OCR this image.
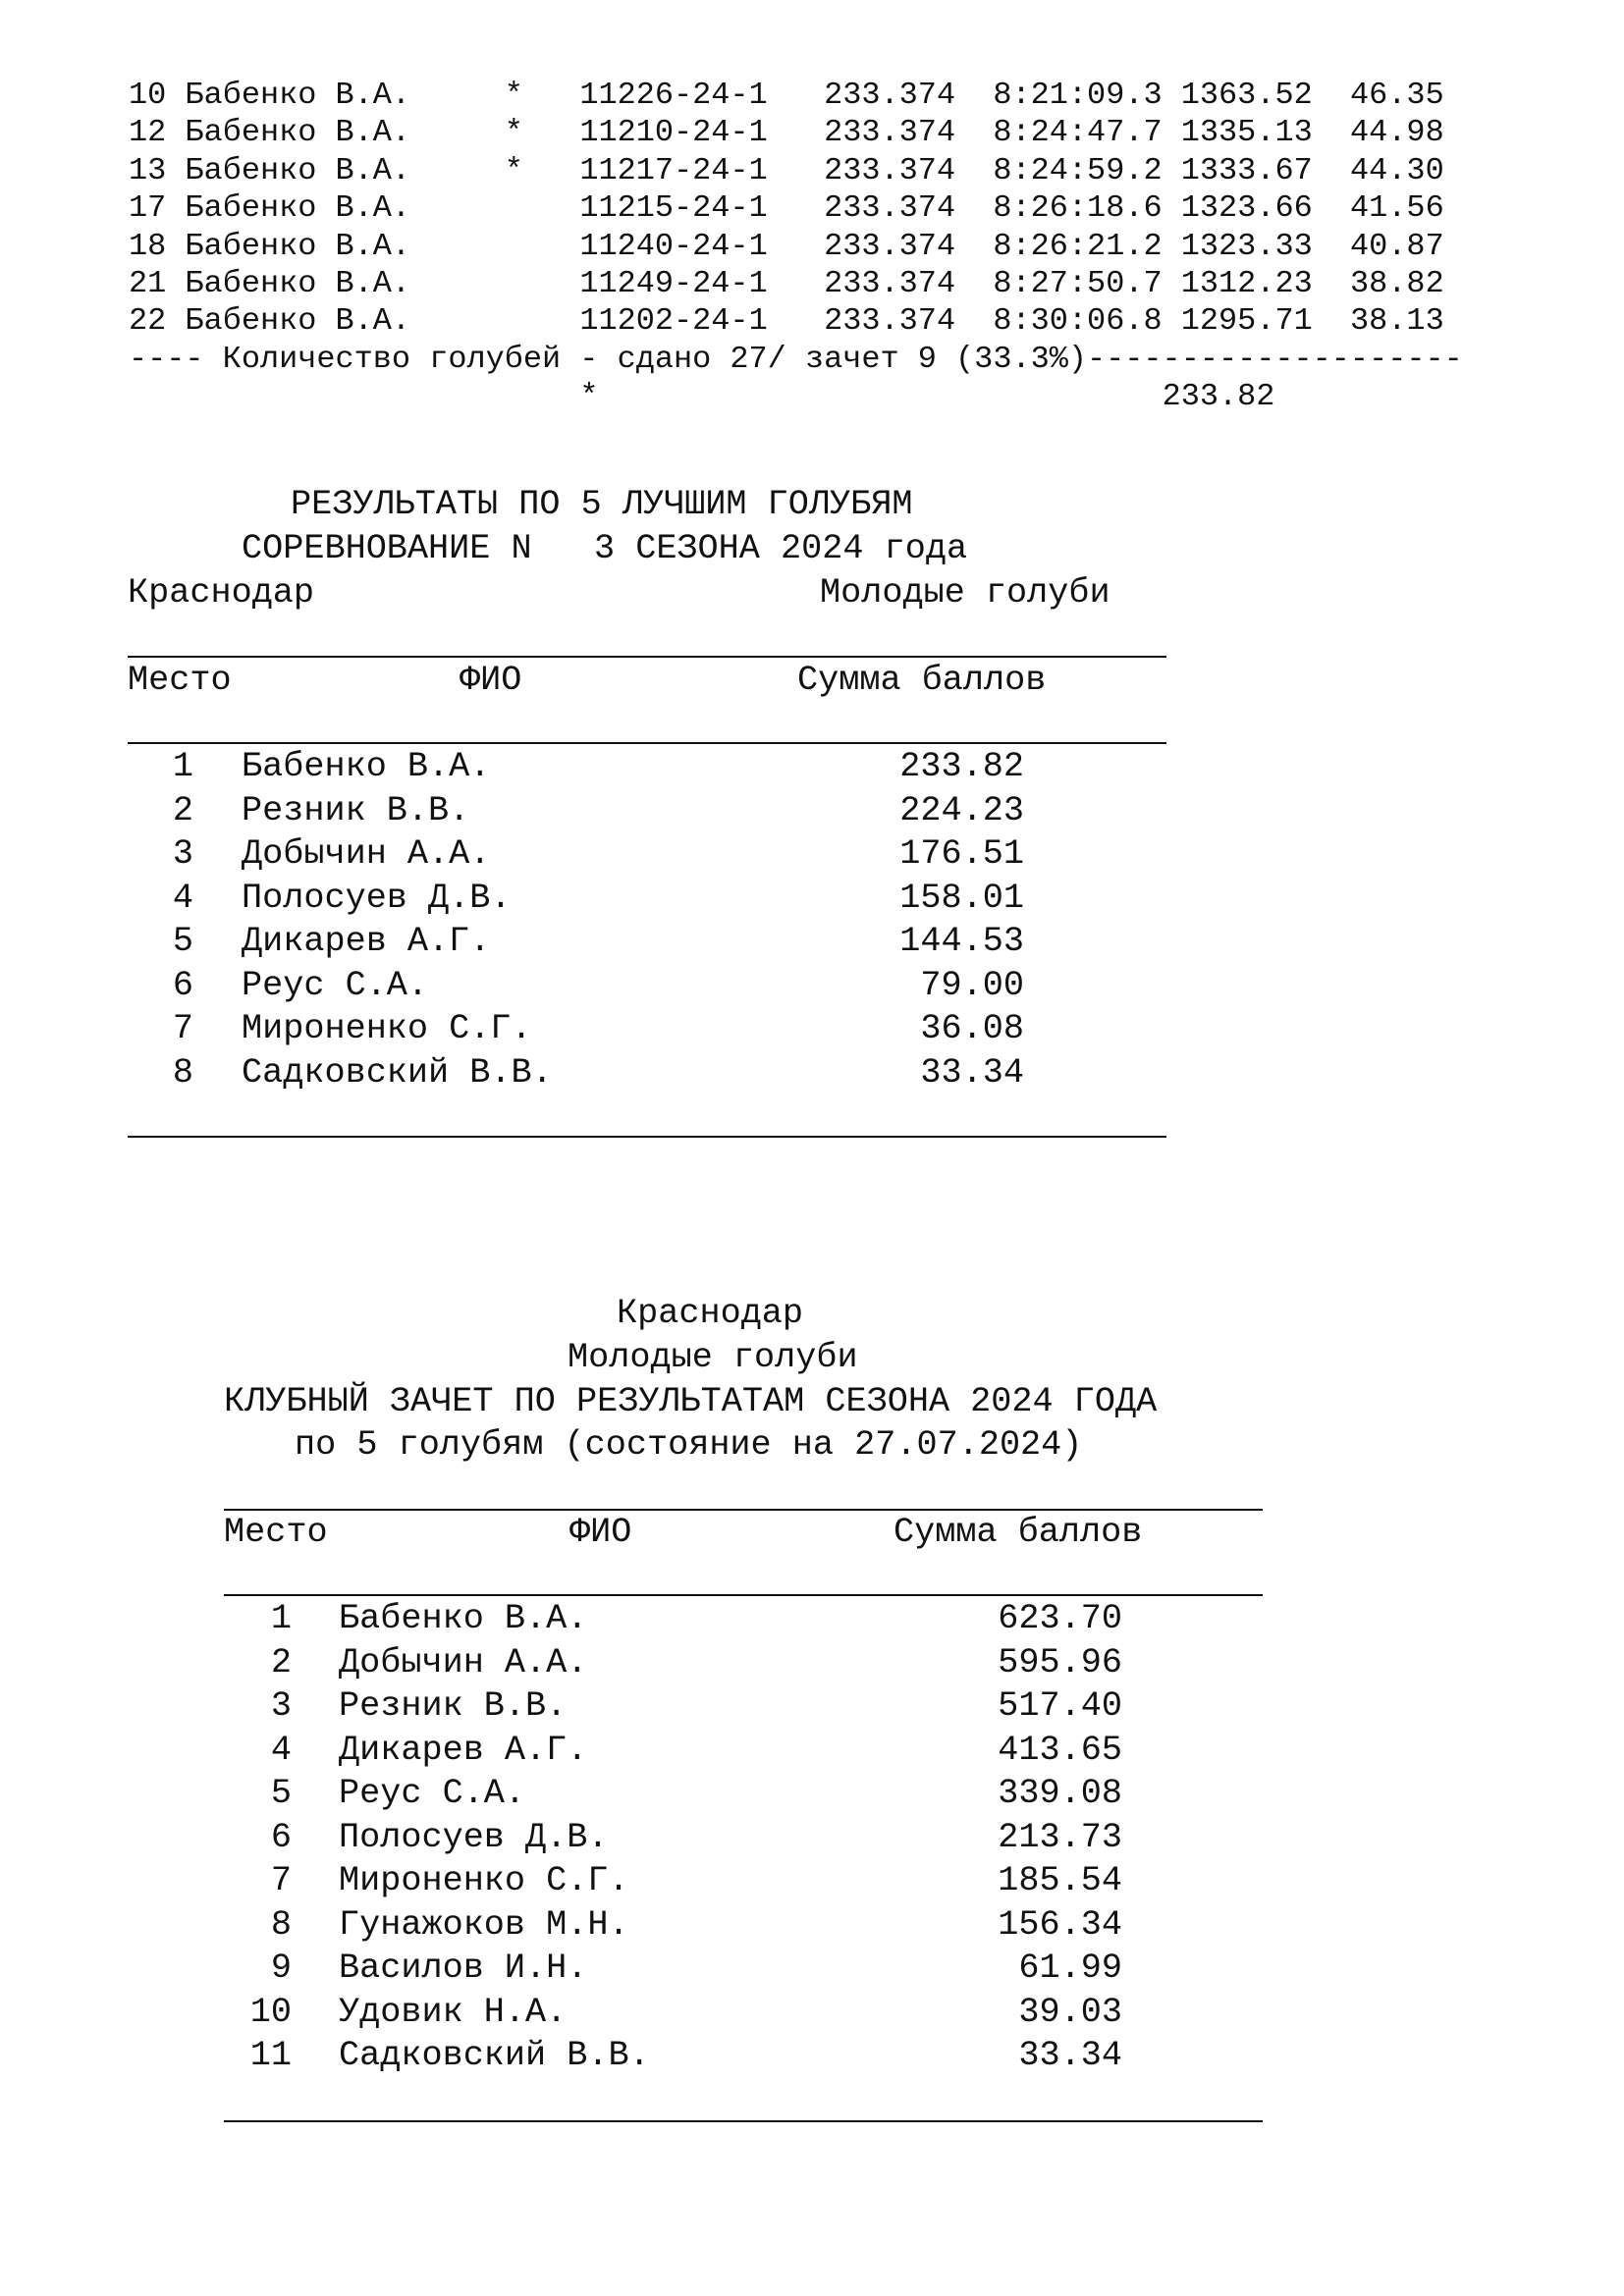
10 Бабенко В.А.	* 11226-24-1 233.374 8:21:09.3 1363.52 46.35
12 Бабенко В.А.	* 11210-24-1 233.374 8:24:47.7 1335.13 44.98
13 Бабенко В.А.	* 11217-24-1 233.374 8:24:59.2 1333.67 44.30
17 Бабенко В.А.	11215-24-1 233.374 8:26:18.6 1323.66 41.56
18 Бабенко В.А.	11240-24-1 233.374 8:26:21.2 1323.33 40.87
21 Бабенко В.А.	11249-24-1 233.374 8:27:50.7 1312.23 38.82
22 Бабенко В.А.	11202-24-1 233.374 8:30:06.8 1295.71 38.13
---- Количество голубей - сдано 27/ зачет 9 (33.3%)--------------------
*	233.82
РЕЗУЛЬТАТЫ ПО 5 ЛУЧШИМ ГОЛУБЯМ
СОРЕВНОВАНИЕ N   3 СЕЗОНА 2024 года
Краснодар	Молодые голуби
Место	ФИО	Сумма баллов
1 Бабенко В.А.	233.82
2 Резник В.В.	224.23
3 Добычин А.А.	176.51
4 Полосуев Д.В.	158.01
5 Дикарев А.Г.	144.53
6 Реус С.А.	79.00
7 Мироненко С.Г.	36.08
8 Садковский В.В.	33.34
Краснодар
Молодые голуби
КЛУБНЫЙ ЗАЧЕТ ПО РЕЗУЛЬТАТАМ СЕЗОНА 2024 ГОДА
по 5 голубям (состояние на 27.07.2024)
Место	ФИО	Сумма баллов
1 Бабенко В.А.	623.70
2 Добычин А.А.	595.96
3 Резник В.В.	517.40
4 Дикарев А.Г.	413.65
5 Реус С.А.	339.08
6 Полосуев Д.В.	213.73
7 Мироненко С.Г.	185.54
8 Гунажоков М.Н.	156.34
9 Василов И.Н.	61.99
10 Удовик Н.А.	39.03
11 Садковский В.В.	33.34
